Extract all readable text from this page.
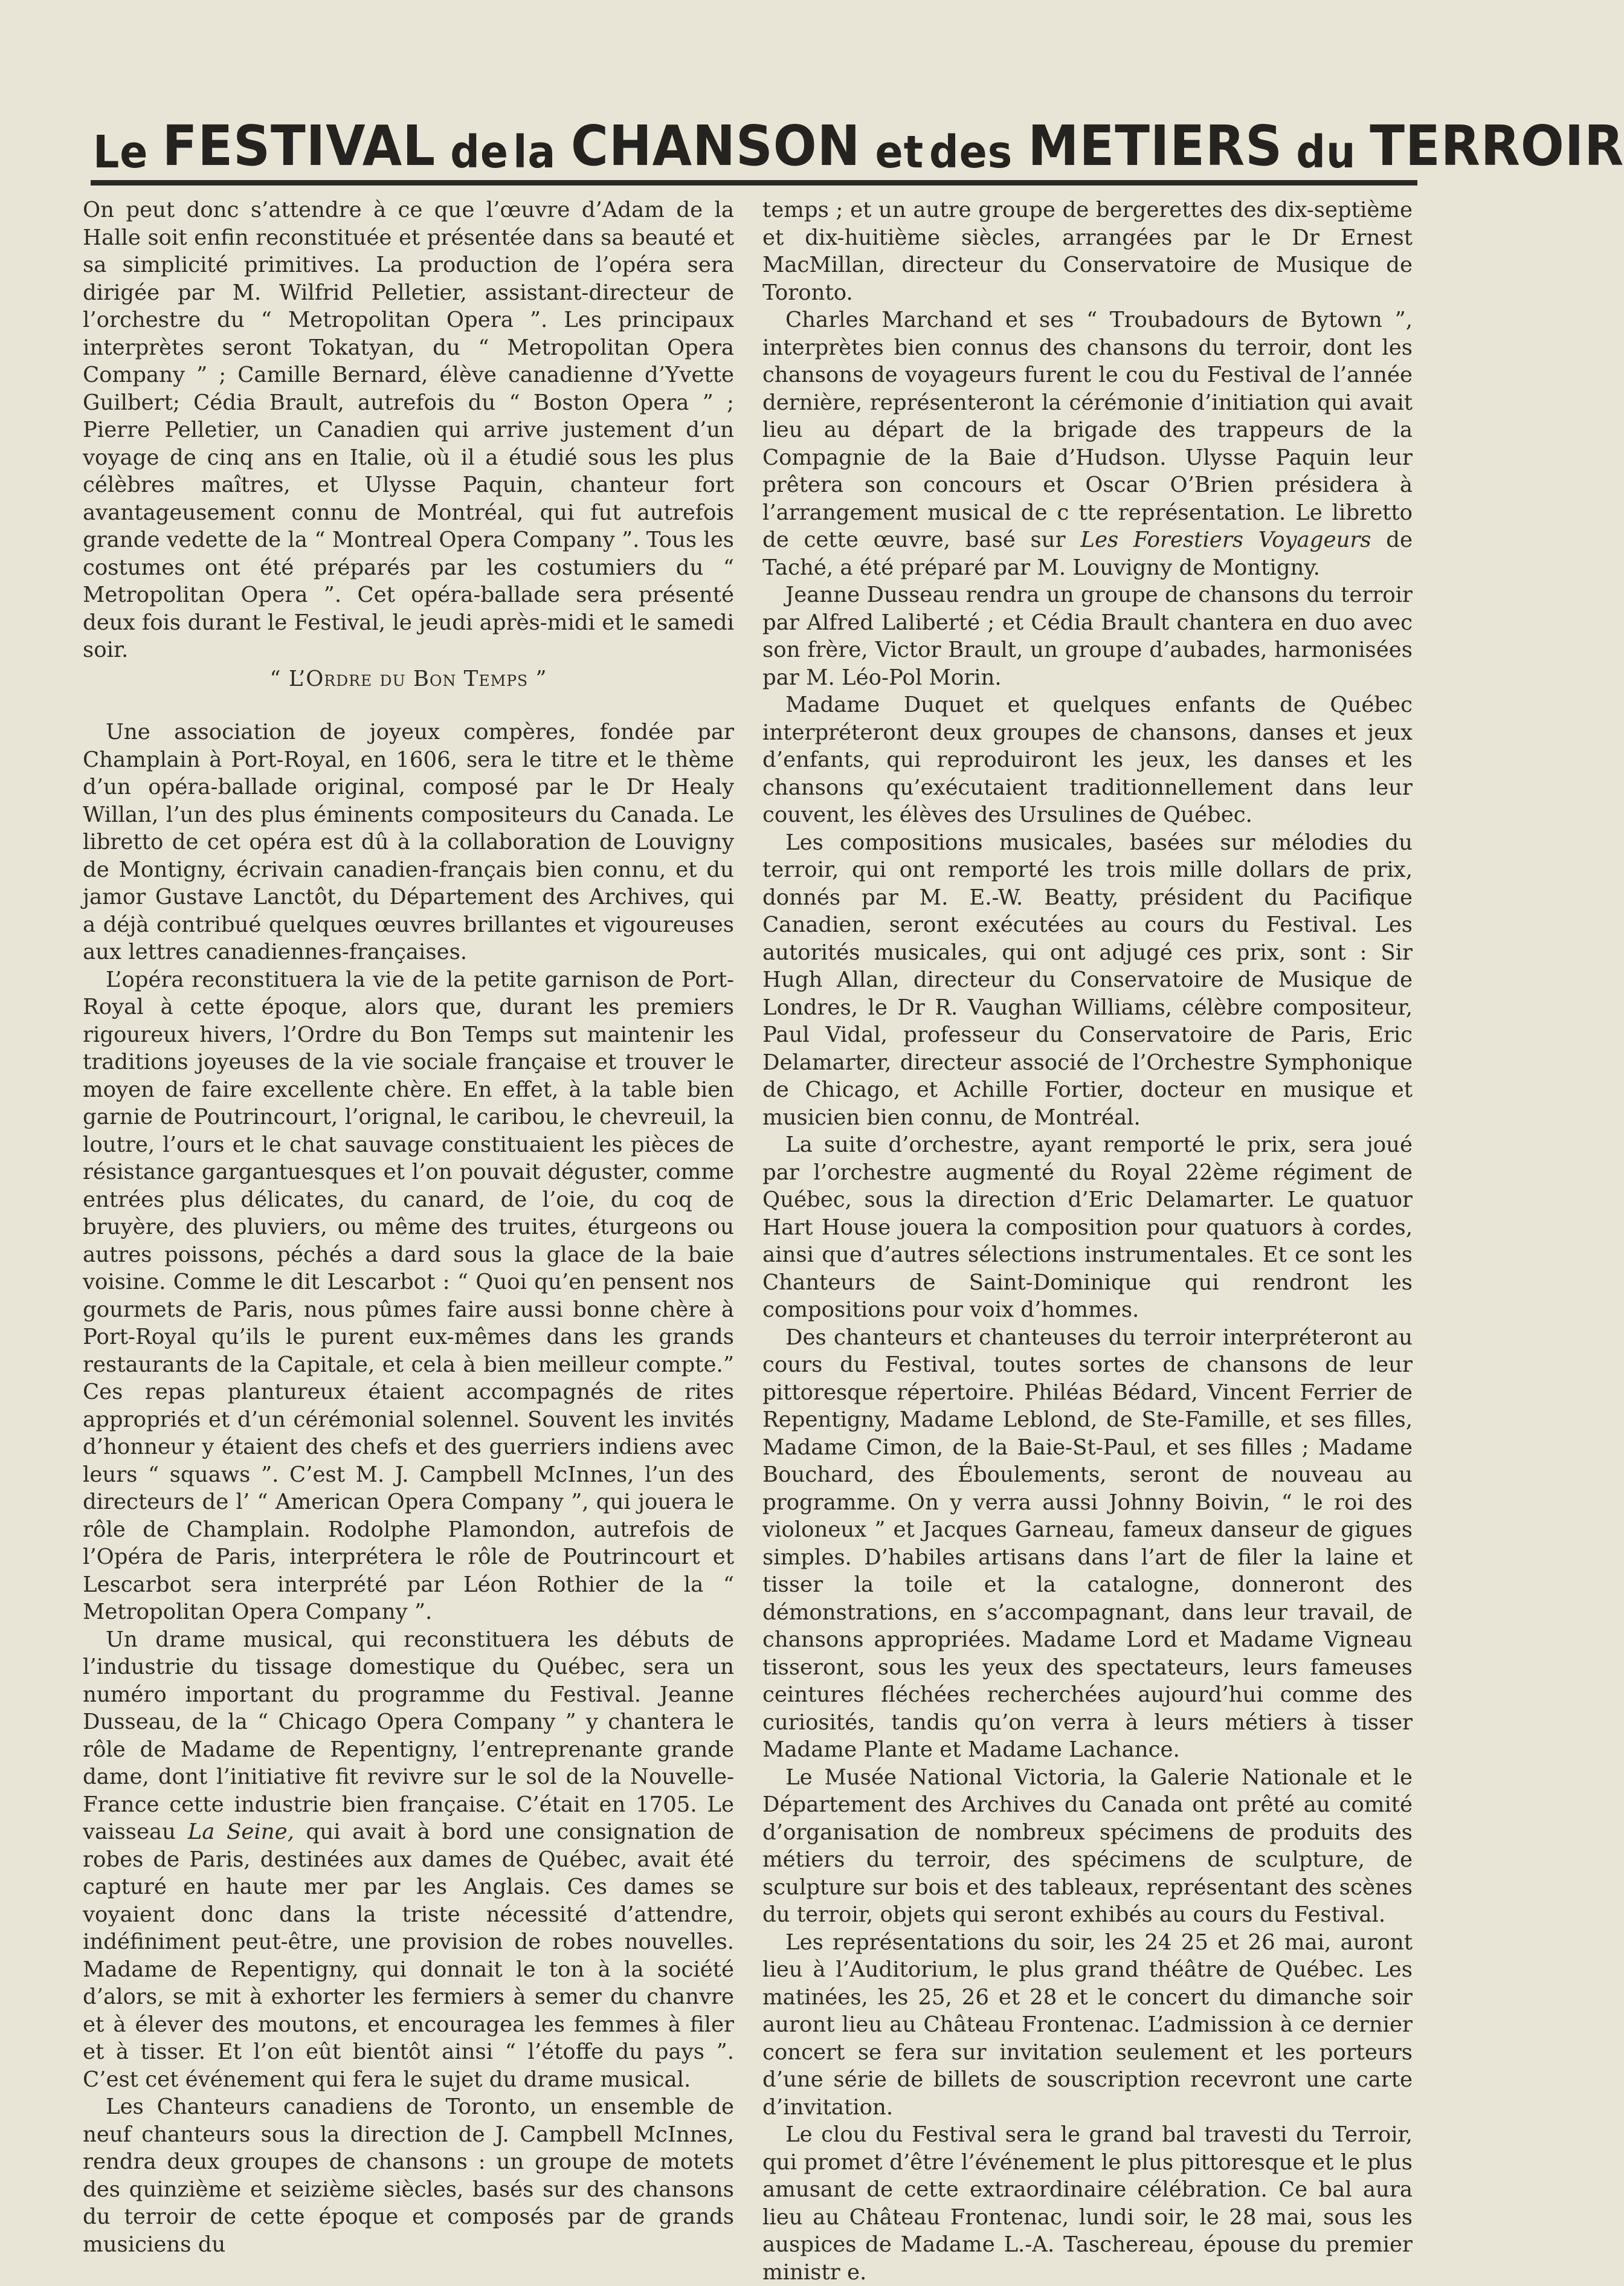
Le FESTIVAL de la CHANSON et des METIERS du TERROIR

On peut donc s’attendre à ce que l’œuvre d’Adam de la Halle soit enfin reconstituée et présentée dans sa beauté et sa simplicité primitives. La production de l’opéra sera dirigée par M. Wilfrid Pelletier, assistant-directeur de l’orchestre du “ Metropolitan Opera ”. Les principaux interprètes seront Tokatyan, du “ Metropolitan Opera Company ” ; Camille Bernard, élève canadienne d’Yvette Guilbert; Cédia Brault, autrefois du “ Boston Opera ” ; Pierre Pelletier, un Canadien qui arrive justement d’un voyage de cinq ans en Italie, où il a étudié sous les plus célèbres maîtres, et Ulysse Paquin, chanteur fort avantageusement connu de Montréal, qui fut autrefois grande vedette de la “ Montreal Opera Company ”. Tous les costumes ont été préparés par les costumiers du “ Metropolitan Opera ”. Cet opéra-ballade sera présenté deux fois durant le Festival, le jeudi après-midi et le samedi soir.

“ L’Ordre du Bon Temps ”

Une association de joyeux compères, fondée par Champlain à Port-Royal, en 1606, sera le titre et le thème d’un opéra-ballade original, composé par le Dr Healy Willan, l’un des plus éminents compositeurs du Canada. Le libretto de cet opéra est dû à la collaboration de Louvigny de Montigny, écrivain canadien-français bien connu, et du jamor Gustave Lanctôt, du Département des Archives, qui a déjà contribué quelques œuvres brillantes et vigoureuses aux lettres canadiennes-françaises.

L’opéra reconstituera la vie de la petite garnison de Port-Royal à cette époque, alors que, durant les premiers rigoureux hivers, l’Ordre du Bon Temps sut maintenir les traditions joyeuses de la vie sociale française et trouver le moyen de faire excellente chère. En effet, à la table bien garnie de Poutrincourt, l’orignal, le caribou, le chevreuil, la loutre, l’ours et le chat sauvage constituaient les pièces de résistance gargantuesques et l’on pouvait déguster, comme entrées plus délicates, du canard, de l’oie, du coq de bruyère, des pluviers, ou même des truites, éturgeons ou autres poissons, péchés a dard sous la glace de la baie voisine. Comme le dit Lescarbot : “ Quoi qu’en pensent nos gourmets de Paris, nous pûmes faire aussi bonne chère à Port-Royal qu’ils le purent eux-mêmes dans les grands restaurants de la Capitale, et cela à bien meilleur compte.” Ces repas plantureux étaient accompagnés de rites appropriés et d’un cérémonial solennel. Souvent les invités d’honneur y étaient des chefs et des guerriers indiens avec leurs “ squaws ”. C’est M. J. Campbell McInnes, l’un des directeurs de l’ “ American Opera Company ”, qui jouera le rôle de Champlain. Rodolphe Plamondon, autrefois de l’Opéra de Paris, interprétera le rôle de Poutrincourt et Lescarbot sera interprété par Léon Rothier de la “ Metropolitan Opera Company ”.

Un drame musical, qui reconstituera les débuts de l’industrie du tissage domestique du Québec, sera un numéro important du programme du Festival. Jeanne Dusseau, de la “ Chicago Opera Company ” y chantera le rôle de Madame de Repentigny, l’entreprenante grande dame, dont l’initiative fit revivre sur le sol de la Nouvelle-France cette industrie bien française. C’était en 1705. Le vaisseau La Seine, qui avait à bord une consignation de robes de Paris, destinées aux dames de Québec, avait été capturé en haute mer par les Anglais. Ces dames se voyaient donc dans la triste nécessité d’attendre, indéfiniment peut-être, une provision de robes nouvelles. Madame de Repentigny, qui donnait le ton à la société d’alors, se mit à exhorter les fermiers à semer du chanvre et à élever des moutons, et encouragea les femmes à filer et à tisser. Et l’on eût bientôt ainsi “ l’étoffe du pays ”. C’est cet événement qui fera le sujet du drame musical.

Les Chanteurs canadiens de Toronto, un ensemble de neuf chanteurs sous la direction de J. Campbell McInnes, rendra deux groupes de chansons : un groupe de motets des quinzième et seizième siècles, basés sur des chansons du terroir de cette époque et composés par de grands musiciens du

temps ; et un autre groupe de bergerettes des dix-septième et dix-huitième siècles, arrangées par le Dr Ernest MacMillan, directeur du Conservatoire de Musique de Toronto.

Charles Marchand et ses “ Troubadours de Bytown ”, interprètes bien connus des chansons du terroir, dont les chansons de voyageurs furent le cou du Festival de l’année dernière, représenteront la cérémonie d’initiation qui avait lieu au départ de la brigade des trappeurs de la Compagnie de la Baie d’Hudson. Ulysse Paquin leur prêtera son concours et Oscar O’Brien présidera à l’arrangement musical de c tte représentation. Le libretto de cette œuvre, basé sur Les Forestiers Voyageurs de Taché, a été préparé par M. Louvigny de Montigny.

Jeanne Dusseau rendra un groupe de chansons du terroir par Alfred Laliberté ; et Cédia Brault chantera en duo avec son frère, Victor Brault, un groupe d’aubades, harmonisées par M. Léo-Pol Morin.

Madame Duquet et quelques enfants de Québec interpréteront deux groupes de chansons, danses et jeux d’enfants, qui reproduiront les jeux, les danses et les chansons qu’exécutaient traditionnellement dans leur couvent, les élèves des Ursulines de Québec.

Les compositions musicales, basées sur mélodies du terroir, qui ont remporté les trois mille dollars de prix, donnés par M. E.-W. Beatty, président du Pacifique Canadien, seront exécutées au cours du Festival. Les autorités musicales, qui ont adjugé ces prix, sont : Sir Hugh Allan, directeur du Conservatoire de Musique de Londres, le Dr R. Vaughan Williams, célèbre compositeur, Paul Vidal, professeur du Conservatoire de Paris, Eric Delamarter, directeur associé de l’Orchestre Symphonique de Chicago, et Achille Fortier, docteur en musique et musicien bien connu, de Montréal.

La suite d’orchestre, ayant remporté le prix, sera joué par l’orchestre augmenté du Royal 22ème régiment de Québec, sous la direction d’Eric Delamarter. Le quatuor Hart House jouera la composition pour quatuors à cordes, ainsi que d’autres sélections instrumentales. Et ce sont les Chanteurs de Saint-Dominique qui rendront les compositions pour voix d’hommes.

Des chanteurs et chanteuses du terroir interpréteront au cours du Festival, toutes sortes de chansons de leur pittoresque répertoire. Philéas Bédard, Vincent Ferrier de Repentigny, Madame Leblond, de Ste-Famille, et ses filles, Madame Cimon, de la Baie-St-Paul, et ses filles ; Madame Bouchard, des Éboulements, seront de nouveau au programme. On y verra aussi Johnny Boivin, “ le roi des violoneux ” et Jacques Garneau, fameux danseur de gigues simples. D’habiles artisans dans l’art de filer la laine et tisser la toile et la catalogne, donneront des démonstrations, en s’accompagnant, dans leur travail, de chansons appropriées. Madame Lord et Madame Vigneau tisseront, sous les yeux des spectateurs, leurs fameuses ceintures fléchées recherchées aujourd’hui comme des curiosités, tandis qu’on verra à leurs métiers à tisser Madame Plante et Madame Lachance.

Le Musée National Victoria, la Galerie Nationale et le Département des Archives du Canada ont prêté au comité d’organisation de nombreux spécimens de produits des métiers du terroir, des spécimens de sculpture, de sculpture sur bois et des tableaux, représentant des scènes du terroir, objets qui seront exhibés au cours du Festival.

Les représentations du soir, les 24 25 et 26 mai, auront lieu à l’Auditorium, le plus grand théâtre de Québec. Les matinées, les 25, 26 et 28 et le concert du dimanche soir auront lieu au Château Frontenac. L’admission à ce dernier concert se fera sur invitation seulement et les porteurs d’une série de billets de souscription recevront une carte d’invitation.

Le clou du Festival sera le grand bal travesti du Terroir, qui promet d’être l’événement le plus pittoresque et le plus amusant de cette extraordinaire célébration. Ce bal aura lieu au Château Frontenac, lundi soir, le 28 mai, sous les auspices de Madame L.-A. Taschereau, épouse du premier ministr e.
